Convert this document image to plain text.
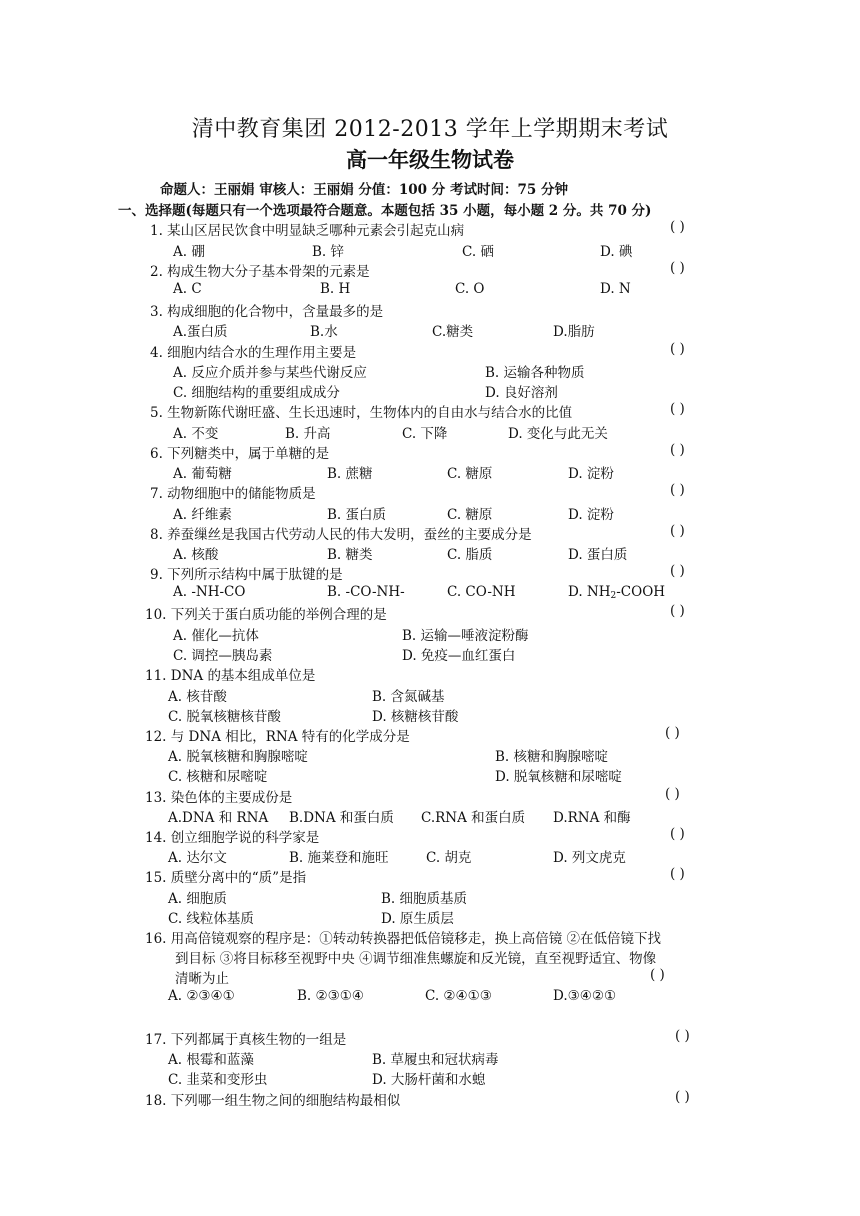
清中教育集团 2012-2013 学年上学期期末考试
高一年级生物试卷
命题人：王丽娟 审核人：王丽娟 分值：100 分 考试时间：75 分钟
一、选择题(每题只有一个选项最符合题意。本题包括 35 小题，每小题 2 分。共 70 分)
1. 某山区居民饮食中明显缺乏哪种元素会引起克山病	( )
A. 硼	B. 锌	C. 硒	D. 碘
2. 构成生物大分子基本骨架的元素是	( )
A. C	B. H	C. O	D. N
3. 构成细胞的化合物中，含量最多的是
A.蛋白质	B.水	C.糖类	D.脂肪
4. 细胞内结合水的生理作用主要是	( )
A. 反应介质并参与某些代谢反应	B. 运输各种物质
C. 细胞结构的重要组成成分	D. 良好溶剂
5. 生物新陈代谢旺盛、生长迅速时，生物体内的自由水与结合水的比值	( )
A. 不变	B. 升高	C. 下降	D. 变化与此无关
6. 下列糖类中，属于单糖的是	( )
A. 葡萄糖	B. 蔗糖	C. 糖原	D. 淀粉
7. 动物细胞中的储能物质是	( )
A. 纤维素	B. 蛋白质	C. 糖原	D. 淀粉
8. 养蚕缫丝是我国古代劳动人民的伟大发明，蚕丝的主要成分是	( )
A. 核酸	B. 糖类	C. 脂质	D. 蛋白质
9. 下列所示结构中属于肽键的是	( )
A. -NH-CO	B. -CO-NH-	C. CO-NH	D. $NH_2$-COOH
10. 下列关于蛋白质功能的举例合理的是	( )
A. 催化—抗体	B. 运输—唾液淀粉酶
C. 调控—胰岛素	D. 免疫—血红蛋白
11. DNA 的基本组成单位是
A. 核苷酸	B. 含氮碱基
C. 脱氧核糖核苷酸	D. 核糖核苷酸
12. 与 DNA 相比，RNA 特有的化学成分是	( )
A. 脱氧核糖和胸腺嘧啶	B. 核糖和胸腺嘧啶
C. 核糖和尿嘧啶	D. 脱氧核糖和尿嘧啶
13. 染色体的主要成份是	( )
A.DNA 和 RNA B.DNA 和蛋白质 C.RNA 和蛋白质 D.RNA 和酶
14. 创立细胞学说的科学家是	( )
A. 达尔文	B. 施莱登和施旺	C. 胡克	D. 列文虎克
15. 质壁分离中的“质”是指	( )
A. 细胞质	B. 细胞质基质
C. 线粒体基质	D. 原生质层
16. 用高倍镜观察的程序是：①转动转换器把低倍镜移走，换上高倍镜 ②在低倍镜下找
到目标 ③将目标移至视野中央 ④调节细准焦螺旋和反光镜，直至视野适宜、物像
清晰为止	( )
A. ②③④①	B. ②③①④	C. ②④①③	D.③④②①
17. 下列都属于真核生物的一组是	( )
A. 根霉和蓝藻	B. 草履虫和冠状病毒
C. 韭菜和变形虫	D. 大肠杆菌和水螅
18. 下列哪一组生物之间的细胞结构最相似	( )
